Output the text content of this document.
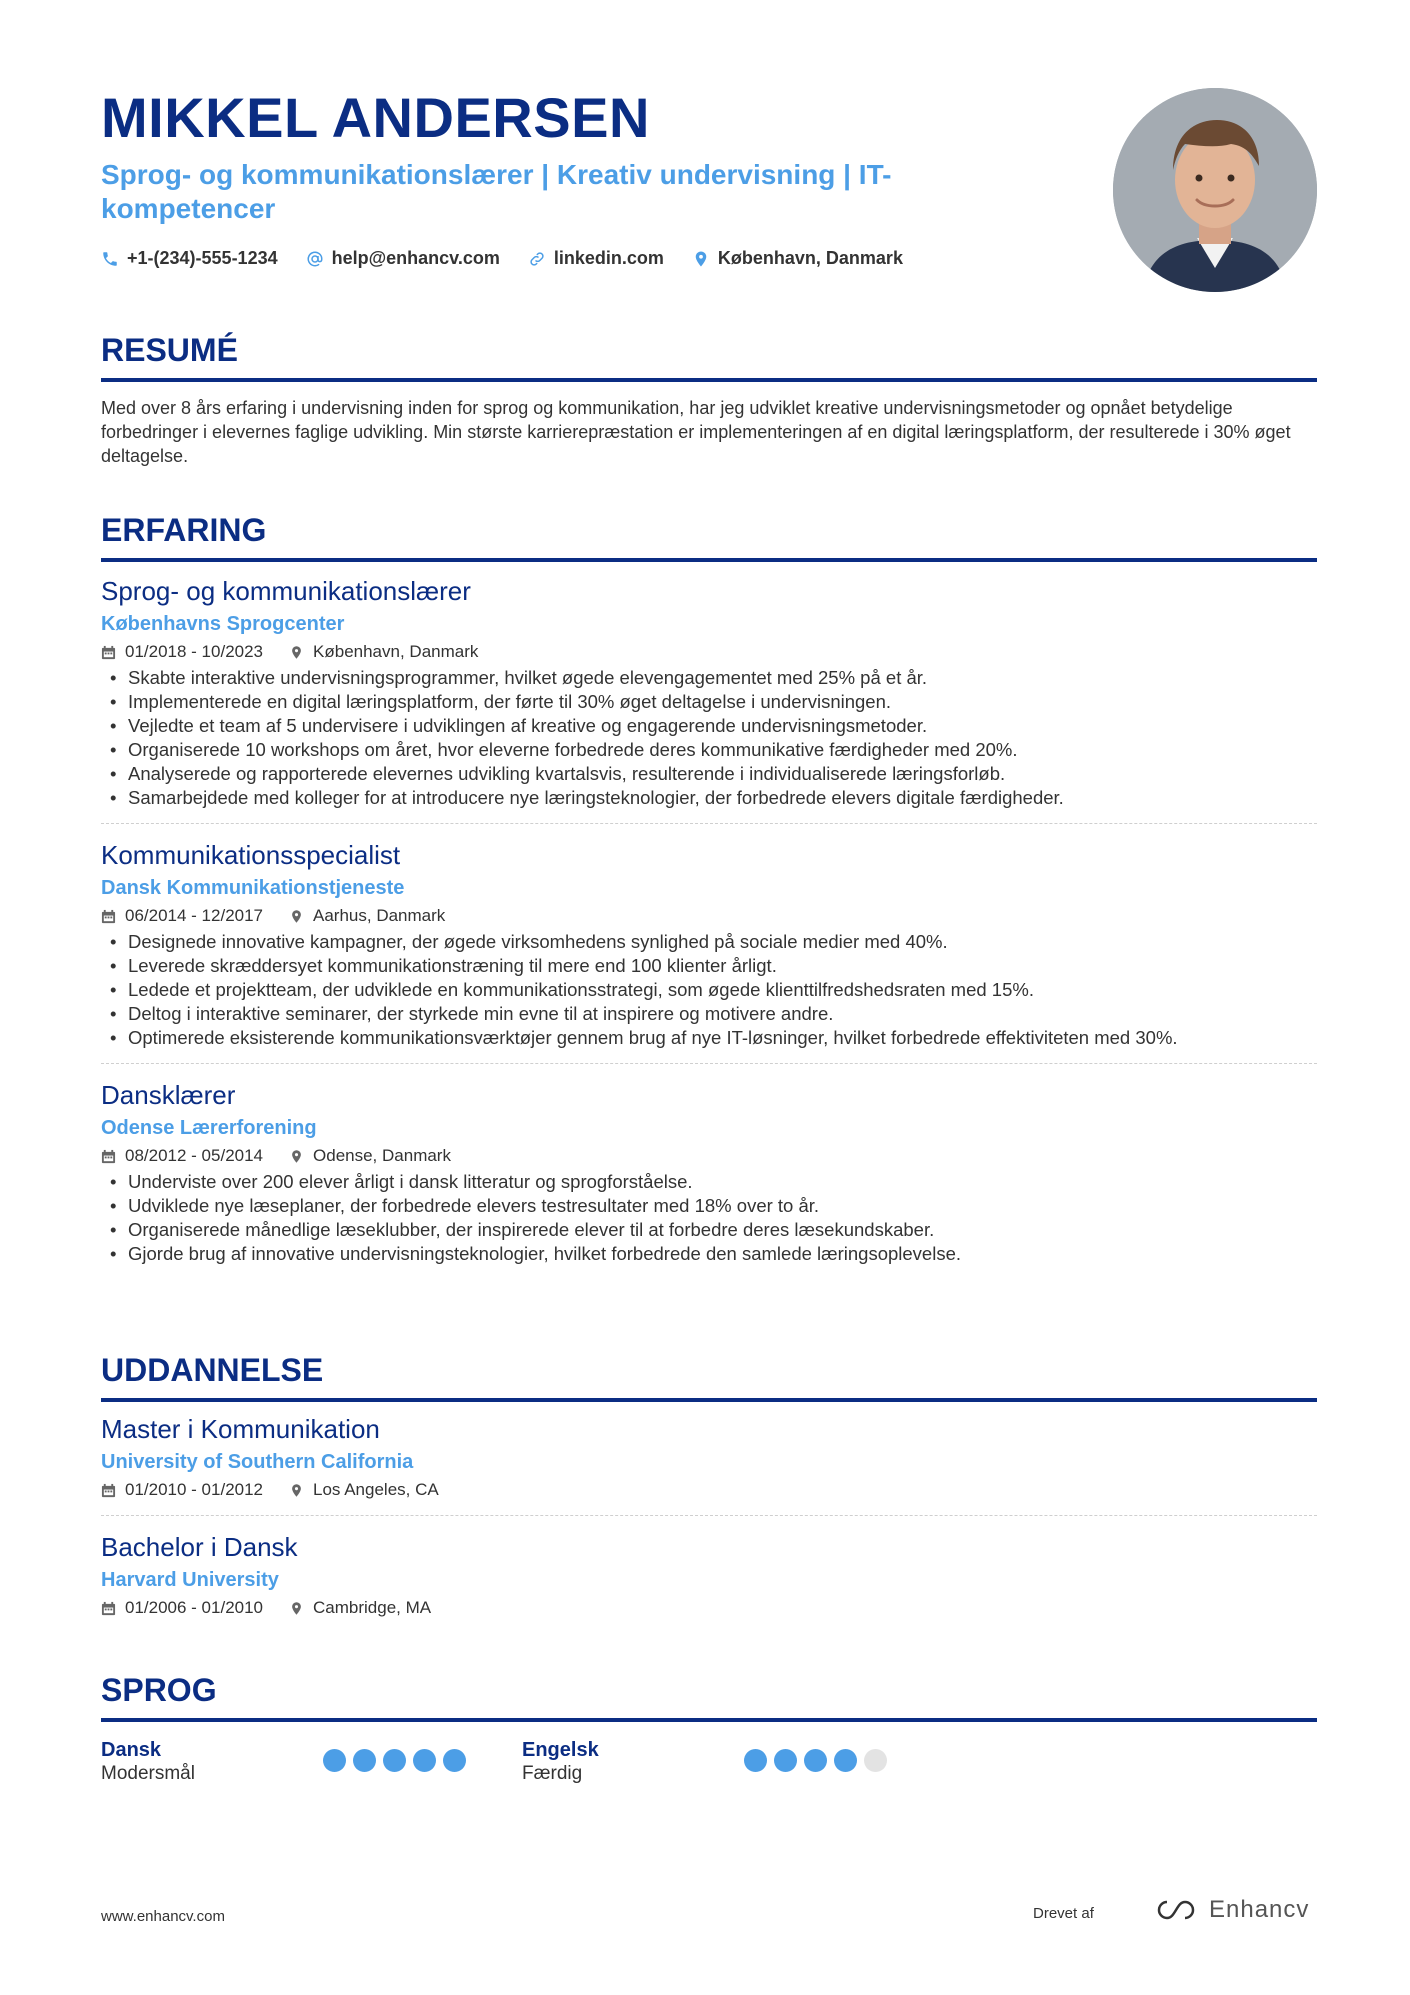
MIKKEL ANDERSEN
Sprog- og kommunikationslærer | Kreativ undervisning | IT-kompetencer
+1-(234)-555-1234	help@enhancv.com	linkedin.com	København, Danmark
RESUMÉ
Med over 8 års erfaring i undervisning inden for sprog og kommunikation, har jeg udviklet kreative undervisningsmetoder og opnået betydelige forbedringer i elevernes faglige udvikling. Min største karrierepræstation er implementeringen af en digital læringsplatform, der resulterede i 30% øget deltagelse.
ERFARING
Sprog- og kommunikationslærer
Københavns Sprogcenter
01/2018 - 10/2023	København, Danmark
• Skabte interaktive undervisningsprogrammer, hvilket øgede elevengagementet med 25% på et år.
• Implementerede en digital læringsplatform, der førte til 30% øget deltagelse i undervisningen.
• Vejledte et team af 5 undervisere i udviklingen af kreative og engagerende undervisningsmetoder.
• Organiserede 10 workshops om året, hvor eleverne forbedrede deres kommunikative færdigheder med 20%.
• Analyserede og rapporterede elevernes udvikling kvartalsvis, resulterende i individualiserede læringsforløb.
• Samarbejdede med kolleger for at introducere nye læringsteknologier, der forbedrede elevers digitale færdigheder.
Kommunikationsspecialist
Dansk Kommunikationstjeneste
06/2014 - 12/2017	Aarhus, Danmark
• Designede innovative kampagner, der øgede virksomhedens synlighed på sociale medier med 40%.
• Leverede skræddersyet kommunikationstræning til mere end 100 klienter årligt.
• Ledede et projektteam, der udviklede en kommunikationsstrategi, som øgede klienttilfredshedsraten med 15%.
• Deltog i interaktive seminarer, der styrkede min evne til at inspirere og motivere andre.
• Optimerede eksisterende kommunikationsværktøjer gennem brug af nye IT-løsninger, hvilket forbedrede effektiviteten med 30%.
Dansklærer
Odense Lærerforening
08/2012 - 05/2014	Odense, Danmark
• Underviste over 200 elever årligt i dansk litteratur og sprogforståelse.
• Udviklede nye læseplaner, der forbedrede elevers testresultater med 18% over to år.
• Organiserede månedlige læseklubber, der inspirerede elever til at forbedre deres læsekundskaber.
• Gjorde brug af innovative undervisningsteknologier, hvilket forbedrede den samlede læringsoplevelse.
UDDANNELSE
Master i Kommunikation
University of Southern California
01/2010 - 01/2012	Los Angeles, CA
Bachelor i Dansk
Harvard University
01/2006 - 01/2010	Cambridge, MA
SPROG
Dansk
Modersmål
Engelsk
Færdig
www.enhancv.com	Drevet af	Enhancv
